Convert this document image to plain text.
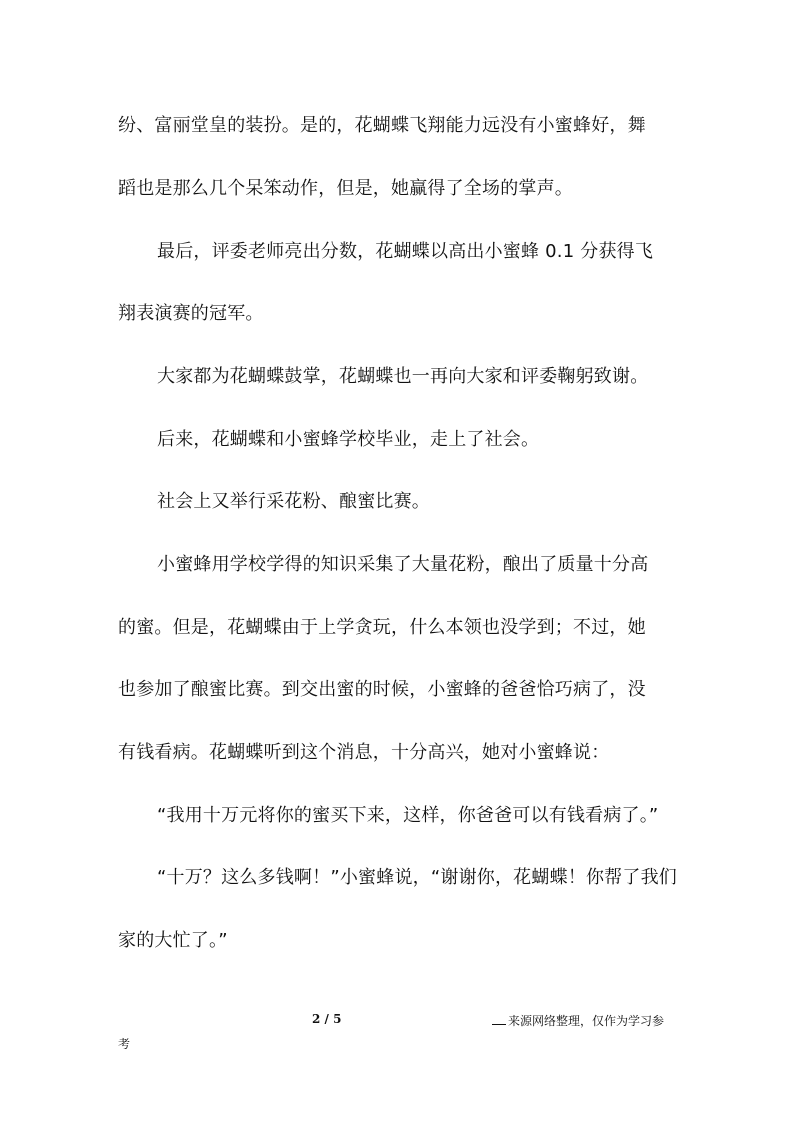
纷、富丽堂皇的装扮。是的，花蝴蝶飞翔能力远没有小蜜蜂好，舞
蹈也是那么几个呆笨动作，但是，她赢得了全场的掌声。
最后，评委老师亮出分数，花蝴蝶以高出小蜜蜂 0.1 分获得飞
翔表演赛的冠军。
大家都为花蝴蝶鼓掌，花蝴蝶也一再向大家和评委鞠躬致谢。
后来，花蝴蝶和小蜜蜂学校毕业，走上了社会。
社会上又举行采花粉、酿蜜比赛。
小蜜蜂用学校学得的知识采集了大量花粉，酿出了质量十分高
的蜜。但是，花蝴蝶由于上学贪玩，什么本领也没学到；不过，她
也参加了酿蜜比赛。到交出蜜的时候，小蜜蜂的爸爸恰巧病了，没
有钱看病。花蝴蝶听到这个消息，十分高兴，她对小蜜蜂说：
“我用十万元将你的蜜买下来，这样，你爸爸可以有钱看病了。”
“十万？这么多钱啊！”小蜜蜂说，“谢谢你，花蝴蝶！你帮了我们
家的大忙了。”
2 / 5	来源网络整理，仅作为学习参
考
